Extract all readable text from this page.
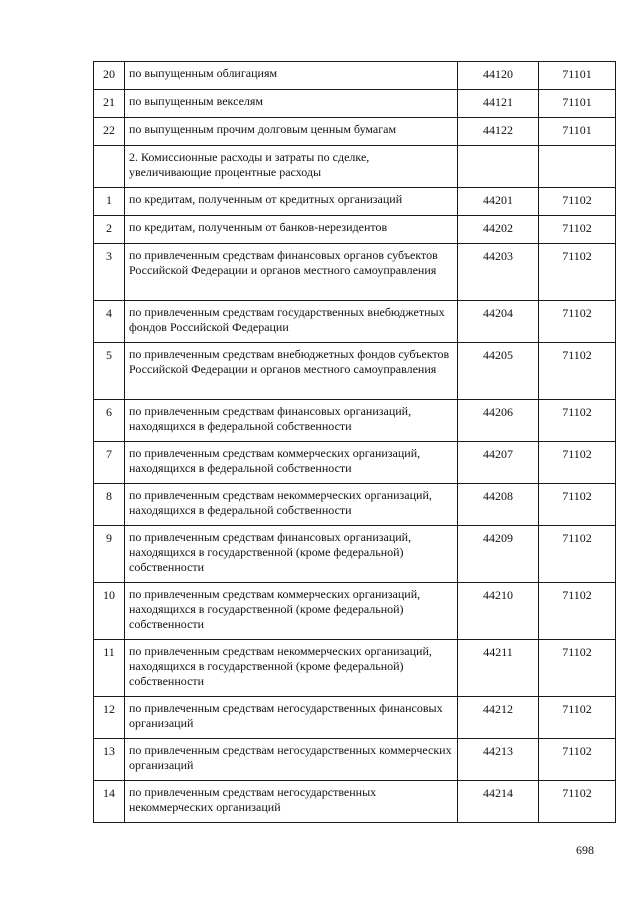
20	по выпущенным облигациям	44120	71101
21	по выпущенным векселям	44121	71101
22	по выпущенным прочим долговым ценным бумагам	44122	71101
	2. Комиссионные расходы и затраты по сделке, увеличивающие процентные расходы		
1	по кредитам, полученным от кредитных организаций	44201	71102
2	по кредитам, полученным от банков-нерезидентов	44202	71102
3	по привлеченным средствам финансовых органов субъектов Российской Федерации и органов местного самоуправления	44203	71102
4	по привлеченным средствам государственных внебюджетных фондов Российской Федерации	44204	71102
5	по привлеченным средствам внебюджетных фондов субъектов Российской Федерации и органов местного самоуправления	44205	71102
6	по привлеченным средствам финансовых организаций, находящихся в федеральной собственности	44206	71102
7	по привлеченным средствам коммерческих организаций, находящихся в федеральной собственности	44207	71102
8	по привлеченным средствам некоммерческих организаций, находящихся в федеральной собственности	44208	71102
9	по привлеченным средствам финансовых организаций, находящихся в государственной (кроме федеральной) собственности	44209	71102
10	по привлеченным средствам коммерческих организаций, находящихся в государственной (кроме федеральной) собственности	44210	71102
11	по привлеченным средствам некоммерческих организаций, находящихся в государственной (кроме федеральной) собственности	44211	71102
12	по привлеченным средствам негосударственных финансовых организаций	44212	71102
13	по привлеченным средствам негосударственных коммерческих организаций	44213	71102
14	по привлеченным средствам негосударственных некоммерческих организаций	44214	71102
698
